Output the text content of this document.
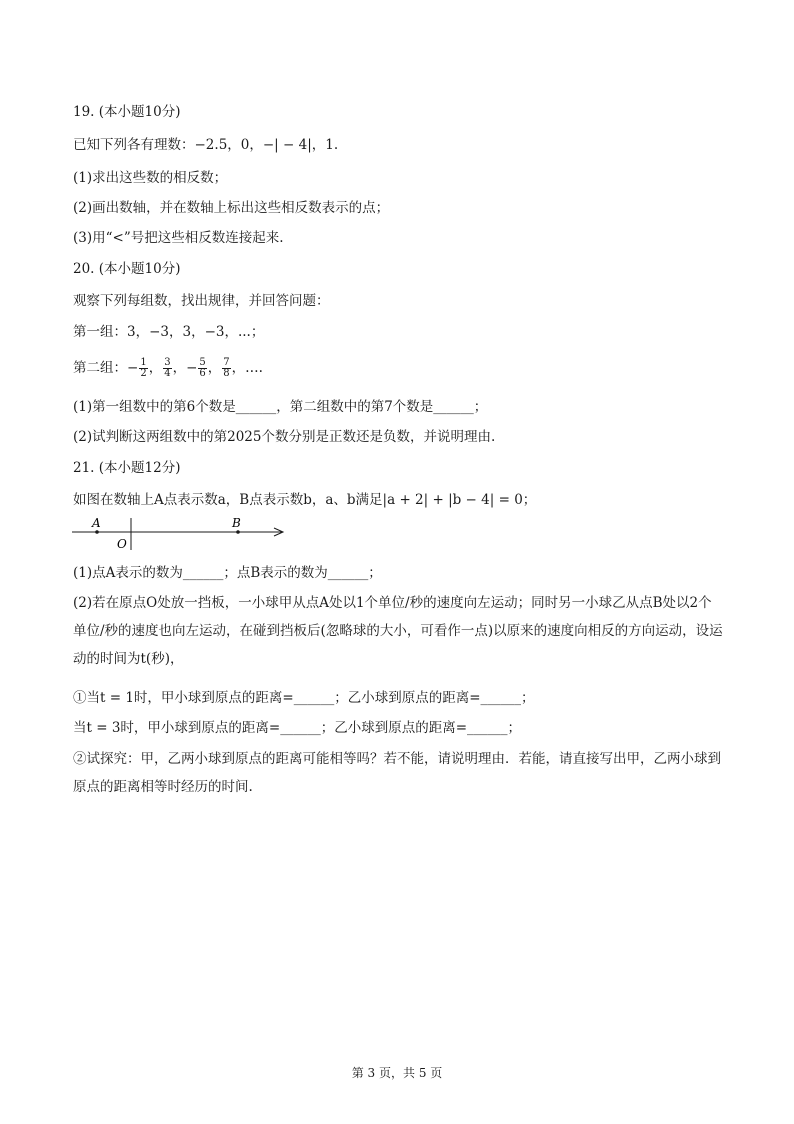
19. (本小题10分)
已知下列各有理数：−2.5，0，−| − 4|，1.
(1)求出这些数的相反数；
(2)画出数轴，并在数轴上标出这些相反数表示的点；
(3)用“<”号把这些相反数连接起来.
20. (本小题10分)
观察下列每组数，找出规律，并回答问题：
第一组：3，−3，3，−3，...；
第二组：− $\frac{1}{2}$ ， $\frac{3}{4}$ ，− $\frac{5}{6}$ ， $\frac{7}{8}$ ，….
(1)第一组数中的第6个数是______，第二组数中的第7个数是______；
(2)试判断这两组数中的第2025个数分别是正数还是负数，并说明理由.
21. (本小题12分)
如图在数轴上A点表示数a，B点表示数b，a、b满足|a + 2| + |b − 4| = 0；
A
O
B
(1)点A表示的数为______；点B表示的数为______；
(2)若在原点O处放一挡板，一小球甲从点A处以1个单位/秒的速度向左运动；同时另一小球乙从点B处以2个单位/秒的速度也向左运动，在碰到挡板后(忽略球的大小，可看作一点)以原来的速度向相反的方向运动，设运动的时间为t(秒)，
①当t = 1时，甲小球到原点的距离=______；乙小球到原点的距离=______；
当t = 3时，甲小球到原点的距离=______；乙小球到原点的距离=______；
②试探究：甲，乙两小球到原点的距离可能相等吗？若不能，请说明理由．若能，请直接写出甲，乙两小球到原点的距离相等时经历的时间.
第 3 页，共 5 页
